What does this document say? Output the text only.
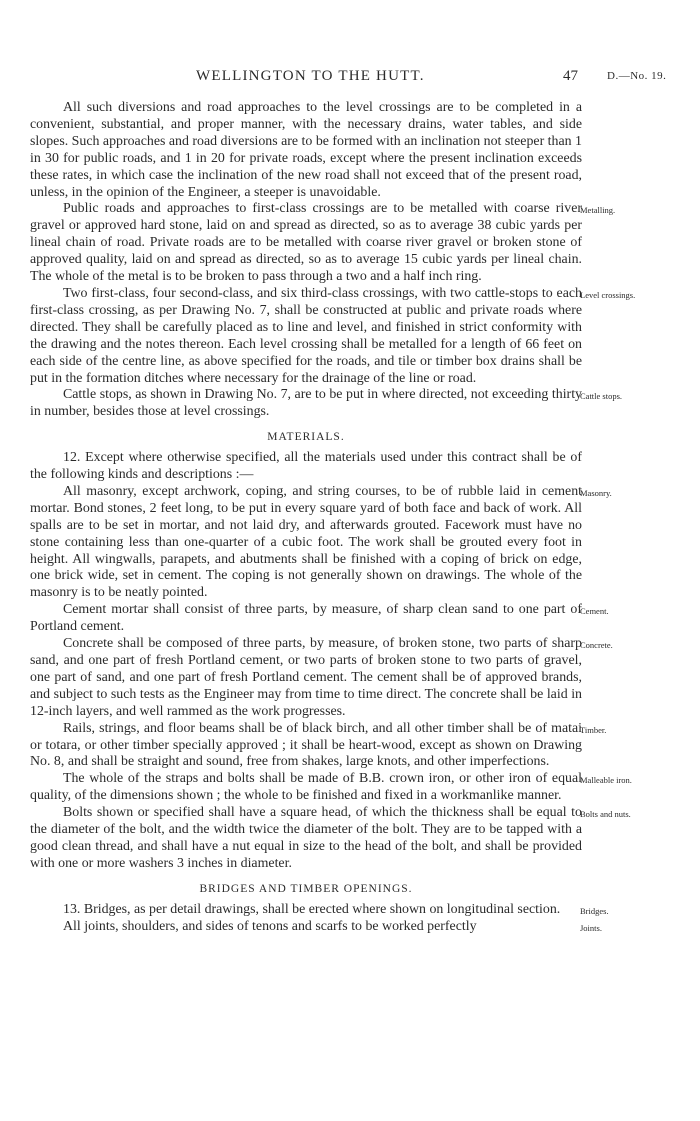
WELLINGTON TO THE HUTT.	47	D.—No. 19.

All such diversions and road approaches to the level crossings are to be completed in a convenient, substantial, and proper manner, with the necessary drains, water tables, and side slopes. Such approaches and road diversions are to be formed with an inclination not steeper than 1 in 30 for public roads, and 1 in 20 for private roads, except where the present inclination exceeds these rates, in which case the inclination of the new road shall not exceed that of the present road, unless, in the opinion of the Engineer, a steeper is unavoidable.

Public roads and approaches to first-class crossings are to be metalled with coarse river gravel or approved hard stone, laid on and spread as directed, so as to average 38 cubic yards per lineal chain of road. Private roads are to be metalled with coarse river gravel or broken stone of approved quality, laid on and spread as directed, so as to average 15 cubic yards per lineal chain. The whole of the metal is to be broken to pass through a two and a half inch ring.
Metalling.

Two first-class, four second-class, and six third-class crossings, with two cattle-stops to each first-class crossing, as per Drawing No. 7, shall be constructed at public and private roads where directed. They shall be carefully placed as to line and level, and finished in strict conformity with the drawing and the notes thereon. Each level crossing shall be metalled for a length of 66 feet on each side of the centre line, as above specified for the roads, and tile or timber box drains shall be put in the formation ditches where necessary for the drainage of the line or road.
Level crossings.

Cattle stops, as shown in Drawing No. 7, are to be put in where directed, not exceeding thirty in number, besides those at level crossings.
Cattle stops.

MATERIALS.

12. Except where otherwise specified, all the materials used under this contract shall be of the following kinds and descriptions :—

All masonry, except archwork, coping, and string courses, to be of rubble laid in cement mortar. Bond stones, 2 feet long, to be put in every square yard of both face and back of work. All spalls are to be set in mortar, and not laid dry, and afterwards grouted. Facework must have no stone containing less than one-quarter of a cubic foot. The work shall be grouted every foot in height. All wingwalls, parapets, and abutments shall be finished with a coping of brick on edge, one brick wide, set in cement. The coping is not generally shown on drawings. The whole of the masonry is to be neatly pointed.
Masonry.

Cement mortar shall consist of three parts, by measure, of sharp clean sand to one part of Portland cement.
Cement.

Concrete shall be composed of three parts, by measure, of broken stone, two parts of sharp sand, and one part of fresh Portland cement, or two parts of broken stone to two parts of gravel, one part of sand, and one part of fresh Portland cement. The cement shall be of approved brands, and subject to such tests as the Engineer may from time to time direct. The concrete shall be laid in 12-inch layers, and well rammed as the work progresses.
Concrete.

Rails, strings, and floor beams shall be of black birch, and all other timber shall be of matai or totara, or other timber specially approved ; it shall be heart-wood, except as shown on Drawing No. 8, and shall be straight and sound, free from shakes, large knots, and other imperfections.
Timber.

The whole of the straps and bolts shall be made of B.B. crown iron, or other iron of equal quality, of the dimensions shown ; the whole to be finished and fixed in a workmanlike manner.
Malleable iron.

Bolts shown or specified shall have a square head, of which the thickness shall be equal to the diameter of the bolt, and the width twice the diameter of the bolt. They are to be tapped with a good clean thread, and shall have a nut equal in size to the head of the bolt, and shall be provided with one or more washers 3 inches in diameter.
Bolts and nuts.

BRIDGES AND TIMBER OPENINGS.

13. Bridges, as per detail drawings, shall be erected where shown on longitudinal section. Bridges.

All joints, shoulders, and sides of tenons and scarfs to be worked perfectly	Joints.
